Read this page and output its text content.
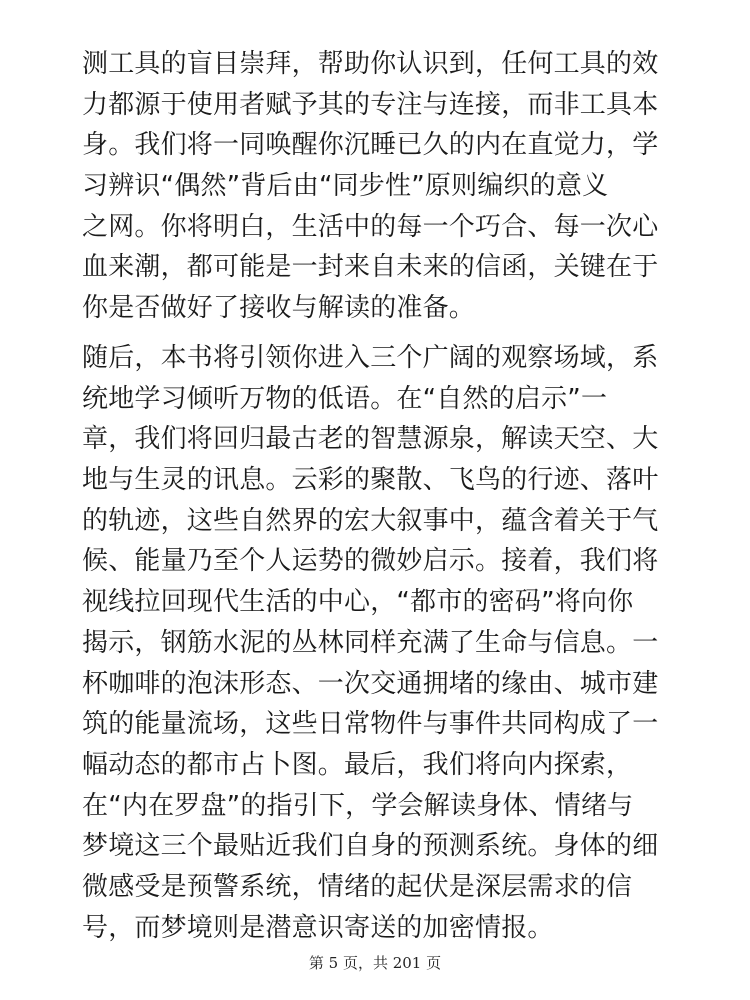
测工具的盲目崇拜，帮助你认识到，任何工具的效
力都源于使用者赋予其的专注与连接，而非工具本
身。我们将一同唤醒你沉睡已久的内在直觉力，学
习辨识“偶然”背后由“同步性”原则编织的意义
之网。你将明白，生活中的每一个巧合、每一次心
血来潮，都可能是一封来自未来的信函，关键在于
你是否做好了接收与解读的准备。
随后，本书将引领你进入三个广阔的观察场域，系
统地学习倾听万物的低语。在“自然的启示”一
章，我们将回归最古老的智慧源泉，解读天空、大
地与生灵的讯息。云彩的聚散、飞鸟的行迹、落叶
的轨迹，这些自然界的宏大叙事中，蕴含着关于气
候、能量乃至个人运势的微妙启示。接着，我们将
视线拉回现代生活的中心，“都市的密码”将向你
揭示，钢筋水泥的丛林同样充满了生命与信息。一
杯咖啡的泡沫形态、一次交通拥堵的缘由、城市建
筑的能量流场，这些日常物件与事件共同构成了一
幅动态的都市占卜图。最后，我们将向内探索，
在“内在罗盘”的指引下，学会解读身体、情绪与
梦境这三个最贴近我们自身的预测系统。身体的细
微感受是预警系统，情绪的起伏是深层需求的信
号，而梦境则是潜意识寄送的加密情报。
第 5 页，共 201 页
